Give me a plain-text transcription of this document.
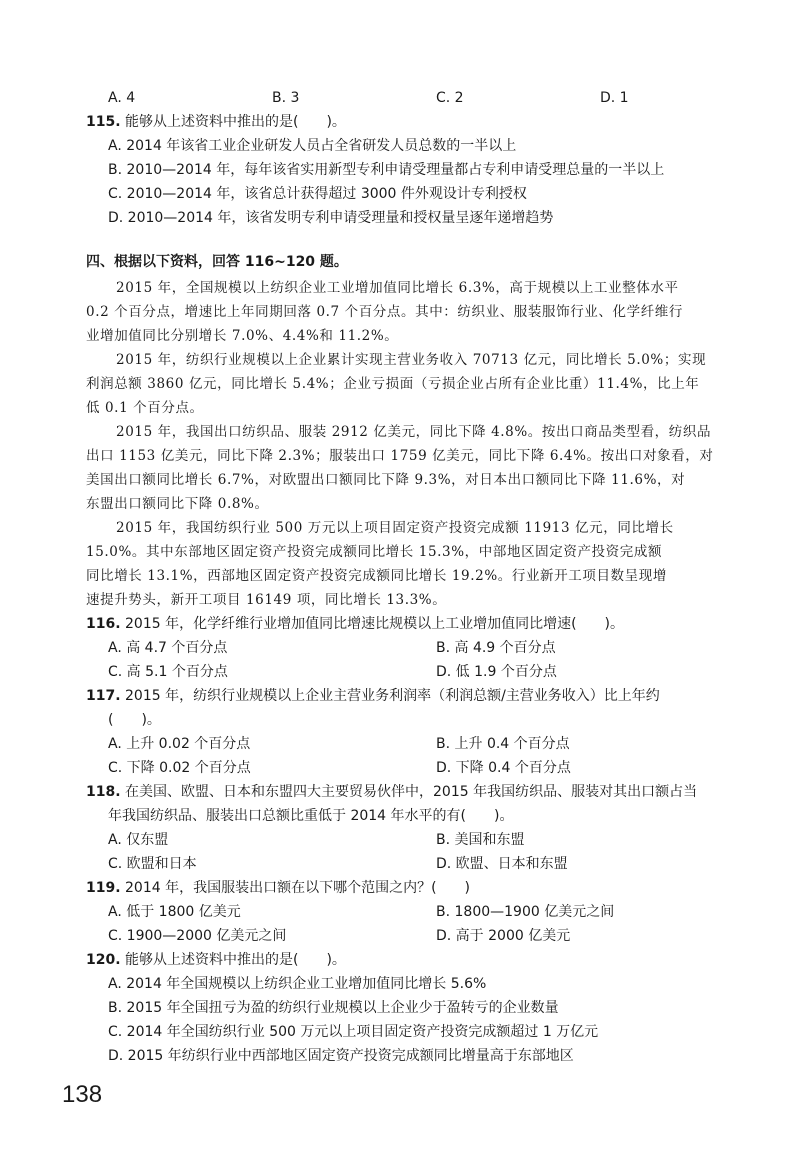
A. 4	B. 3	C. 2	D. 1
115. 能够从上述资料中推出的是(　　)。
A. 2014 年该省工业企业研发人员占全省研发人员总数的一半以上
B. 2010—2014 年，每年该省实用新型专利申请受理量都占专利申请受理总量的一半以上
C. 2010—2014 年，该省总计获得超过 3000 件外观设计专利授权
D. 2010—2014 年，该省发明专利申请受理量和授权量呈逐年递增趋势
四、根据以下资料，回答 116~120 题。
2015 年，全国规模以上纺织企业工业增加值同比增长 6.3%，高于规模以上工业整体水平
0.2 个百分点，增速比上年同期回落 0.7 个百分点。其中：纺织业、服装服饰行业、化学纤维行
业增加值同比分别增长 7.0%、4.4%和 11.2%。
2015 年，纺织行业规模以上企业累计实现主营业务收入 70713 亿元，同比增长 5.0%；实现
利润总额 3860 亿元，同比增长 5.4%；企业亏损面（亏损企业占所有企业比重）11.4%，比上年
低 0.1 个百分点。
2015 年，我国出口纺织品、服装 2912 亿美元，同比下降 4.8%。按出口商品类型看，纺织品
出口 1153 亿美元，同比下降 2.3%；服装出口 1759 亿美元，同比下降 6.4%。按出口对象看，对
美国出口额同比增长 6.7%，对欧盟出口额同比下降 9.3%，对日本出口额同比下降 11.6%，对
东盟出口额同比下降 0.8%。
2015 年，我国纺织行业 500 万元以上项目固定资产投资完成额 11913 亿元，同比增长
15.0%。其中东部地区固定资产投资完成额同比增长 15.3%，中部地区固定资产投资完成额
同比增长 13.1%，西部地区固定资产投资完成额同比增长 19.2%。行业新开工项目数呈现增
速提升势头，新开工项目 16149 项，同比增长 13.3%。
116. 2015 年，化学纤维行业增加值同比增速比规模以上工业增加值同比增速(　　)。
A. 高 4.7 个百分点	B. 高 4.9 个百分点
C. 高 5.1 个百分点	D. 低 1.9 个百分点
117. 2015 年，纺织行业规模以上企业主营业务利润率（利润总额/主营业务收入）比上年约
(　　)。
A. 上升 0.02 个百分点	B. 上升 0.4 个百分点
C. 下降 0.02 个百分点	D. 下降 0.4 个百分点
118. 在美国、欧盟、日本和东盟四大主要贸易伙伴中，2015 年我国纺织品、服装对其出口额占当
年我国纺织品、服装出口总额比重低于 2014 年水平的有(　　)。
A. 仅东盟	B. 美国和东盟
C. 欧盟和日本	D. 欧盟、日本和东盟
119. 2014 年，我国服装出口额在以下哪个范围之内？(　　)
A. 低于 1800 亿美元	B. 1800—1900 亿美元之间
C. 1900—2000 亿美元之间	D. 高于 2000 亿美元
120. 能够从上述资料中推出的是(　　)。
A. 2014 年全国规模以上纺织企业工业增加值同比增长 5.6%
B. 2015 年全国扭亏为盈的纺织行业规模以上企业少于盈转亏的企业数量
C. 2014 年全国纺织行业 500 万元以上项目固定资产投资完成额超过 1 万亿元
D. 2015 年纺织行业中西部地区固定资产投资完成额同比增量高于东部地区
138
